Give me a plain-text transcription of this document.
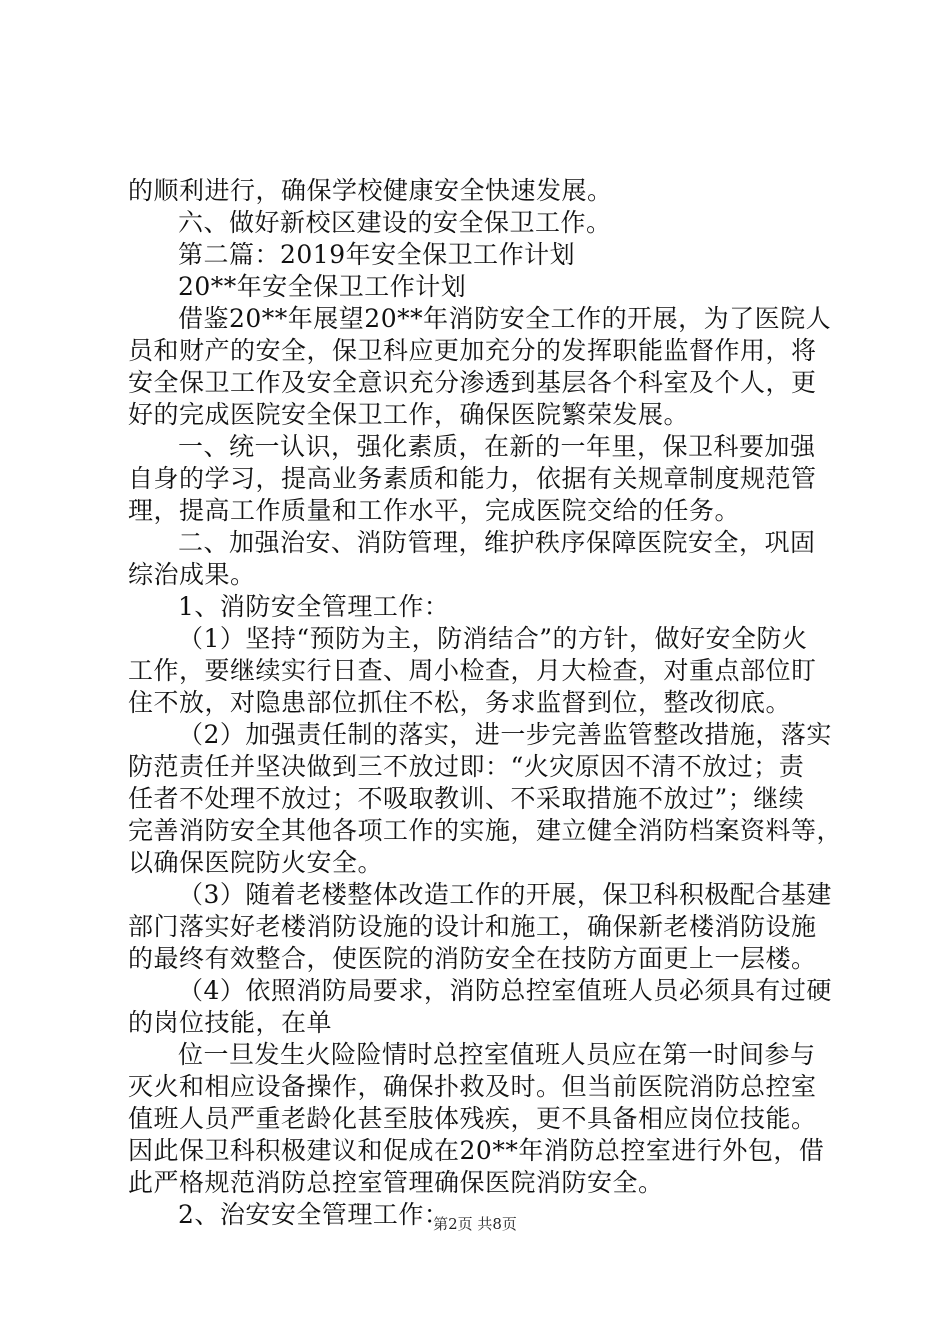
的顺利进行，确保学校健康安全快速发展。
六、做好新校区建设的安全保卫工作。
第二篇：2019年安全保卫工作计划
20**年安全保卫工作计划
借鉴20**年展望20**年消防安全工作的开展，为了医院人
员和财产的安全，保卫科应更加充分的发挥职能监督作用，将
安全保卫工作及安全意识充分渗透到基层各个科室及个人，更
好的完成医院安全保卫工作，确保医院繁荣发展。
一、统一认识，强化素质，在新的一年里，保卫科要加强
自身的学习，提高业务素质和能力，依据有关规章制度规范管
理，提高工作质量和工作水平，完成医院交给的任务。
二、加强治安、消防管理，维护秩序保障医院安全，巩固
综治成果。
1、消防安全管理工作：
（1）坚持“预防为主，防消结合”的方针，做好安全防火
工作，要继续实行日查、周小检查，月大检查，对重点部位盯
住不放，对隐患部位抓住不松，务求监督到位，整改彻底。
（2）加强责任制的落实，进一步完善监管整改措施，落实
防范责任并坚决做到三不放过即：“火灾原因不清不放过；责
任者不处理不放过；不吸取教训、不采取措施不放过”；继续
完善消防安全其他各项工作的实施，建立健全消防档案资料等，
以确保医院防火安全。
（3）随着老楼整体改造工作的开展，保卫科积极配合基建
部门落实好老楼消防设施的设计和施工，确保新老楼消防设施
的最终有效整合，使医院的消防安全在技防方面更上一层楼。
（4）依照消防局要求，消防总控室值班人员必须具有过硬
的岗位技能，在单
位一旦发生火险险情时总控室值班人员应在第一时间参与
灭火和相应设备操作，确保扑救及时。但当前医院消防总控室
值班人员严重老龄化甚至肢体残疾，更不具备相应岗位技能。
因此保卫科积极建议和促成在20**年消防总控室进行外包，借
此严格规范消防总控室管理确保医院消防安全。
2、治安安全管理工作：
第2页 共8页
